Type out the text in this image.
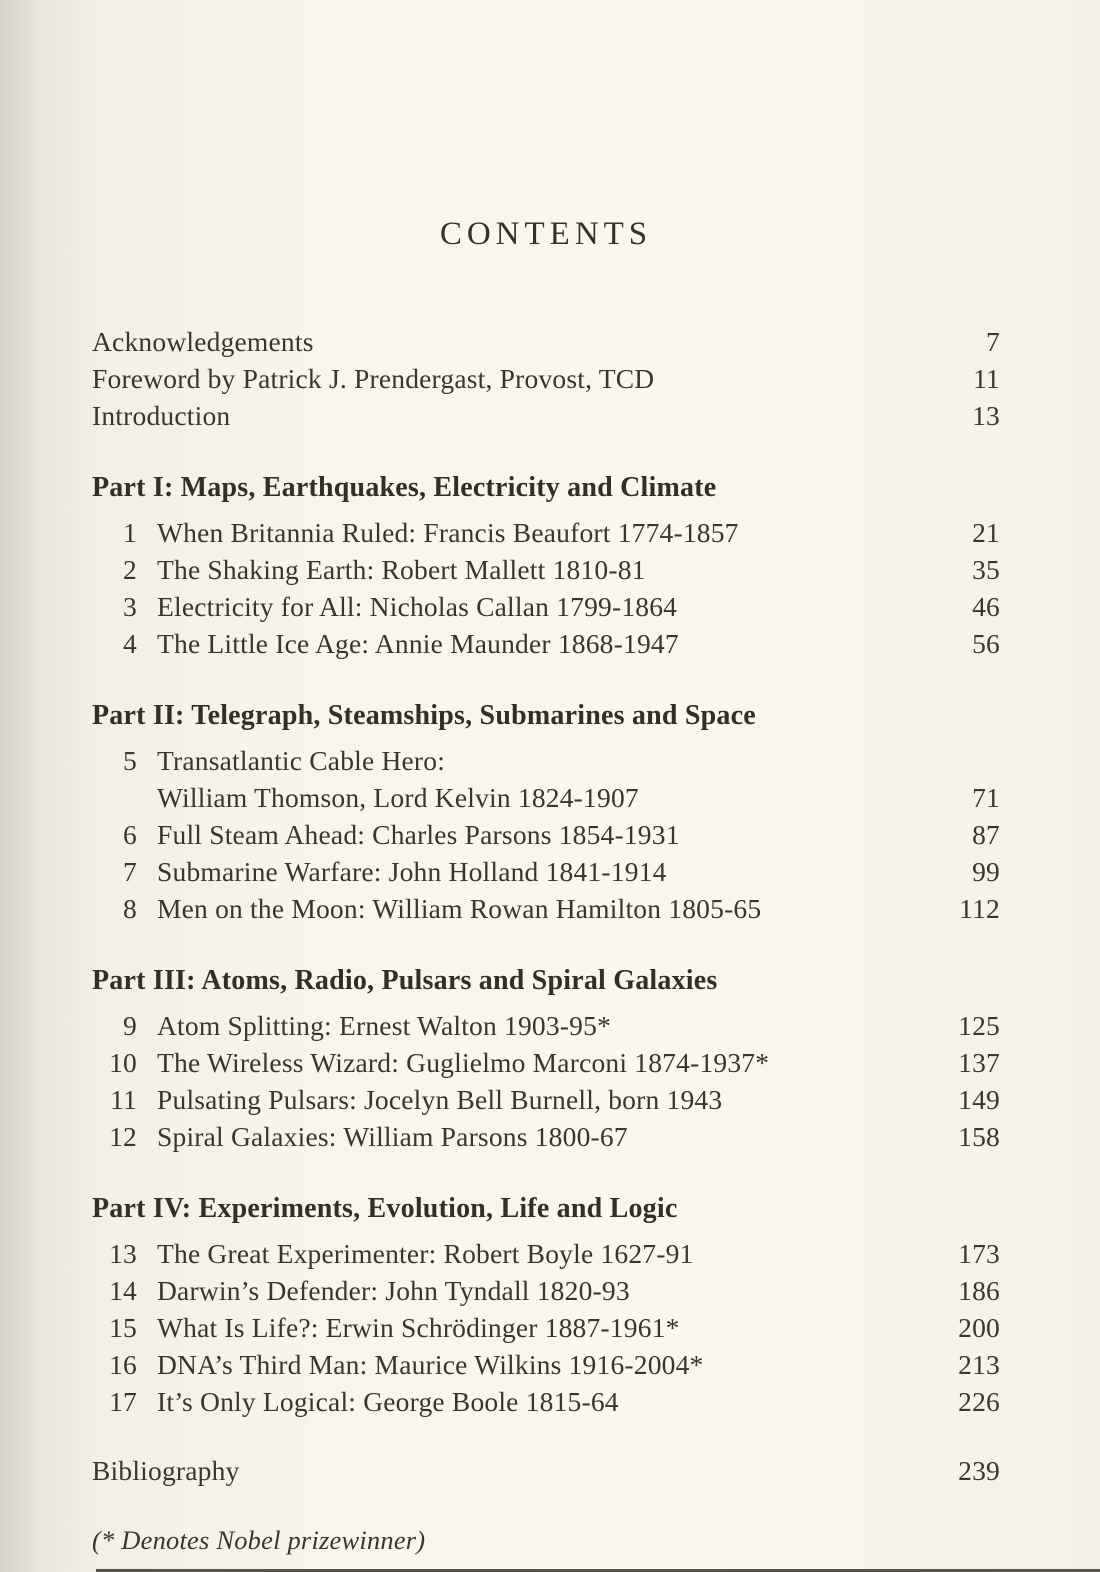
CONTENTS
Acknowledgements	7
Foreword by Patrick J. Prendergast, Provost, TCD	11
Introduction	13
Part I: Maps, Earthquakes, Electricity and Climate
1 When Britannia Ruled: Francis Beaufort 1774-1857	21
2 The Shaking Earth: Robert Mallett 1810-81	35
3 Electricity for All: Nicholas Callan 1799-1864	46
4 The Little Ice Age: Annie Maunder 1868-1947	56
Part II: Telegraph, Steamships, Submarines and Space
5 Transatlantic Cable Hero:
William Thomson, Lord Kelvin 1824-1907	71
6 Full Steam Ahead: Charles Parsons 1854-1931	87
7 Submarine Warfare: John Holland 1841-1914	99
8 Men on the Moon: William Rowan Hamilton 1805-65	112
Part III: Atoms, Radio, Pulsars and Spiral Galaxies
9 Atom Splitting: Ernest Walton 1903-95*	125
10 The Wireless Wizard: Guglielmo Marconi 1874-1937*	137
11 Pulsating Pulsars: Jocelyn Bell Burnell, born 1943	149
12 Spiral Galaxies: William Parsons 1800-67	158
Part IV: Experiments, Evolution, Life and Logic
13 The Great Experimenter: Robert Boyle 1627-91	173
14 Darwin’s Defender: John Tyndall 1820-93	186
15 What Is Life?: Erwin Schrödinger 1887-1961*	200
16 DNA’s Third Man: Maurice Wilkins 1916-2004*	213
17 It’s Only Logical: George Boole 1815-64	226
Bibliography	239
(* Denotes Nobel prizewinner)
